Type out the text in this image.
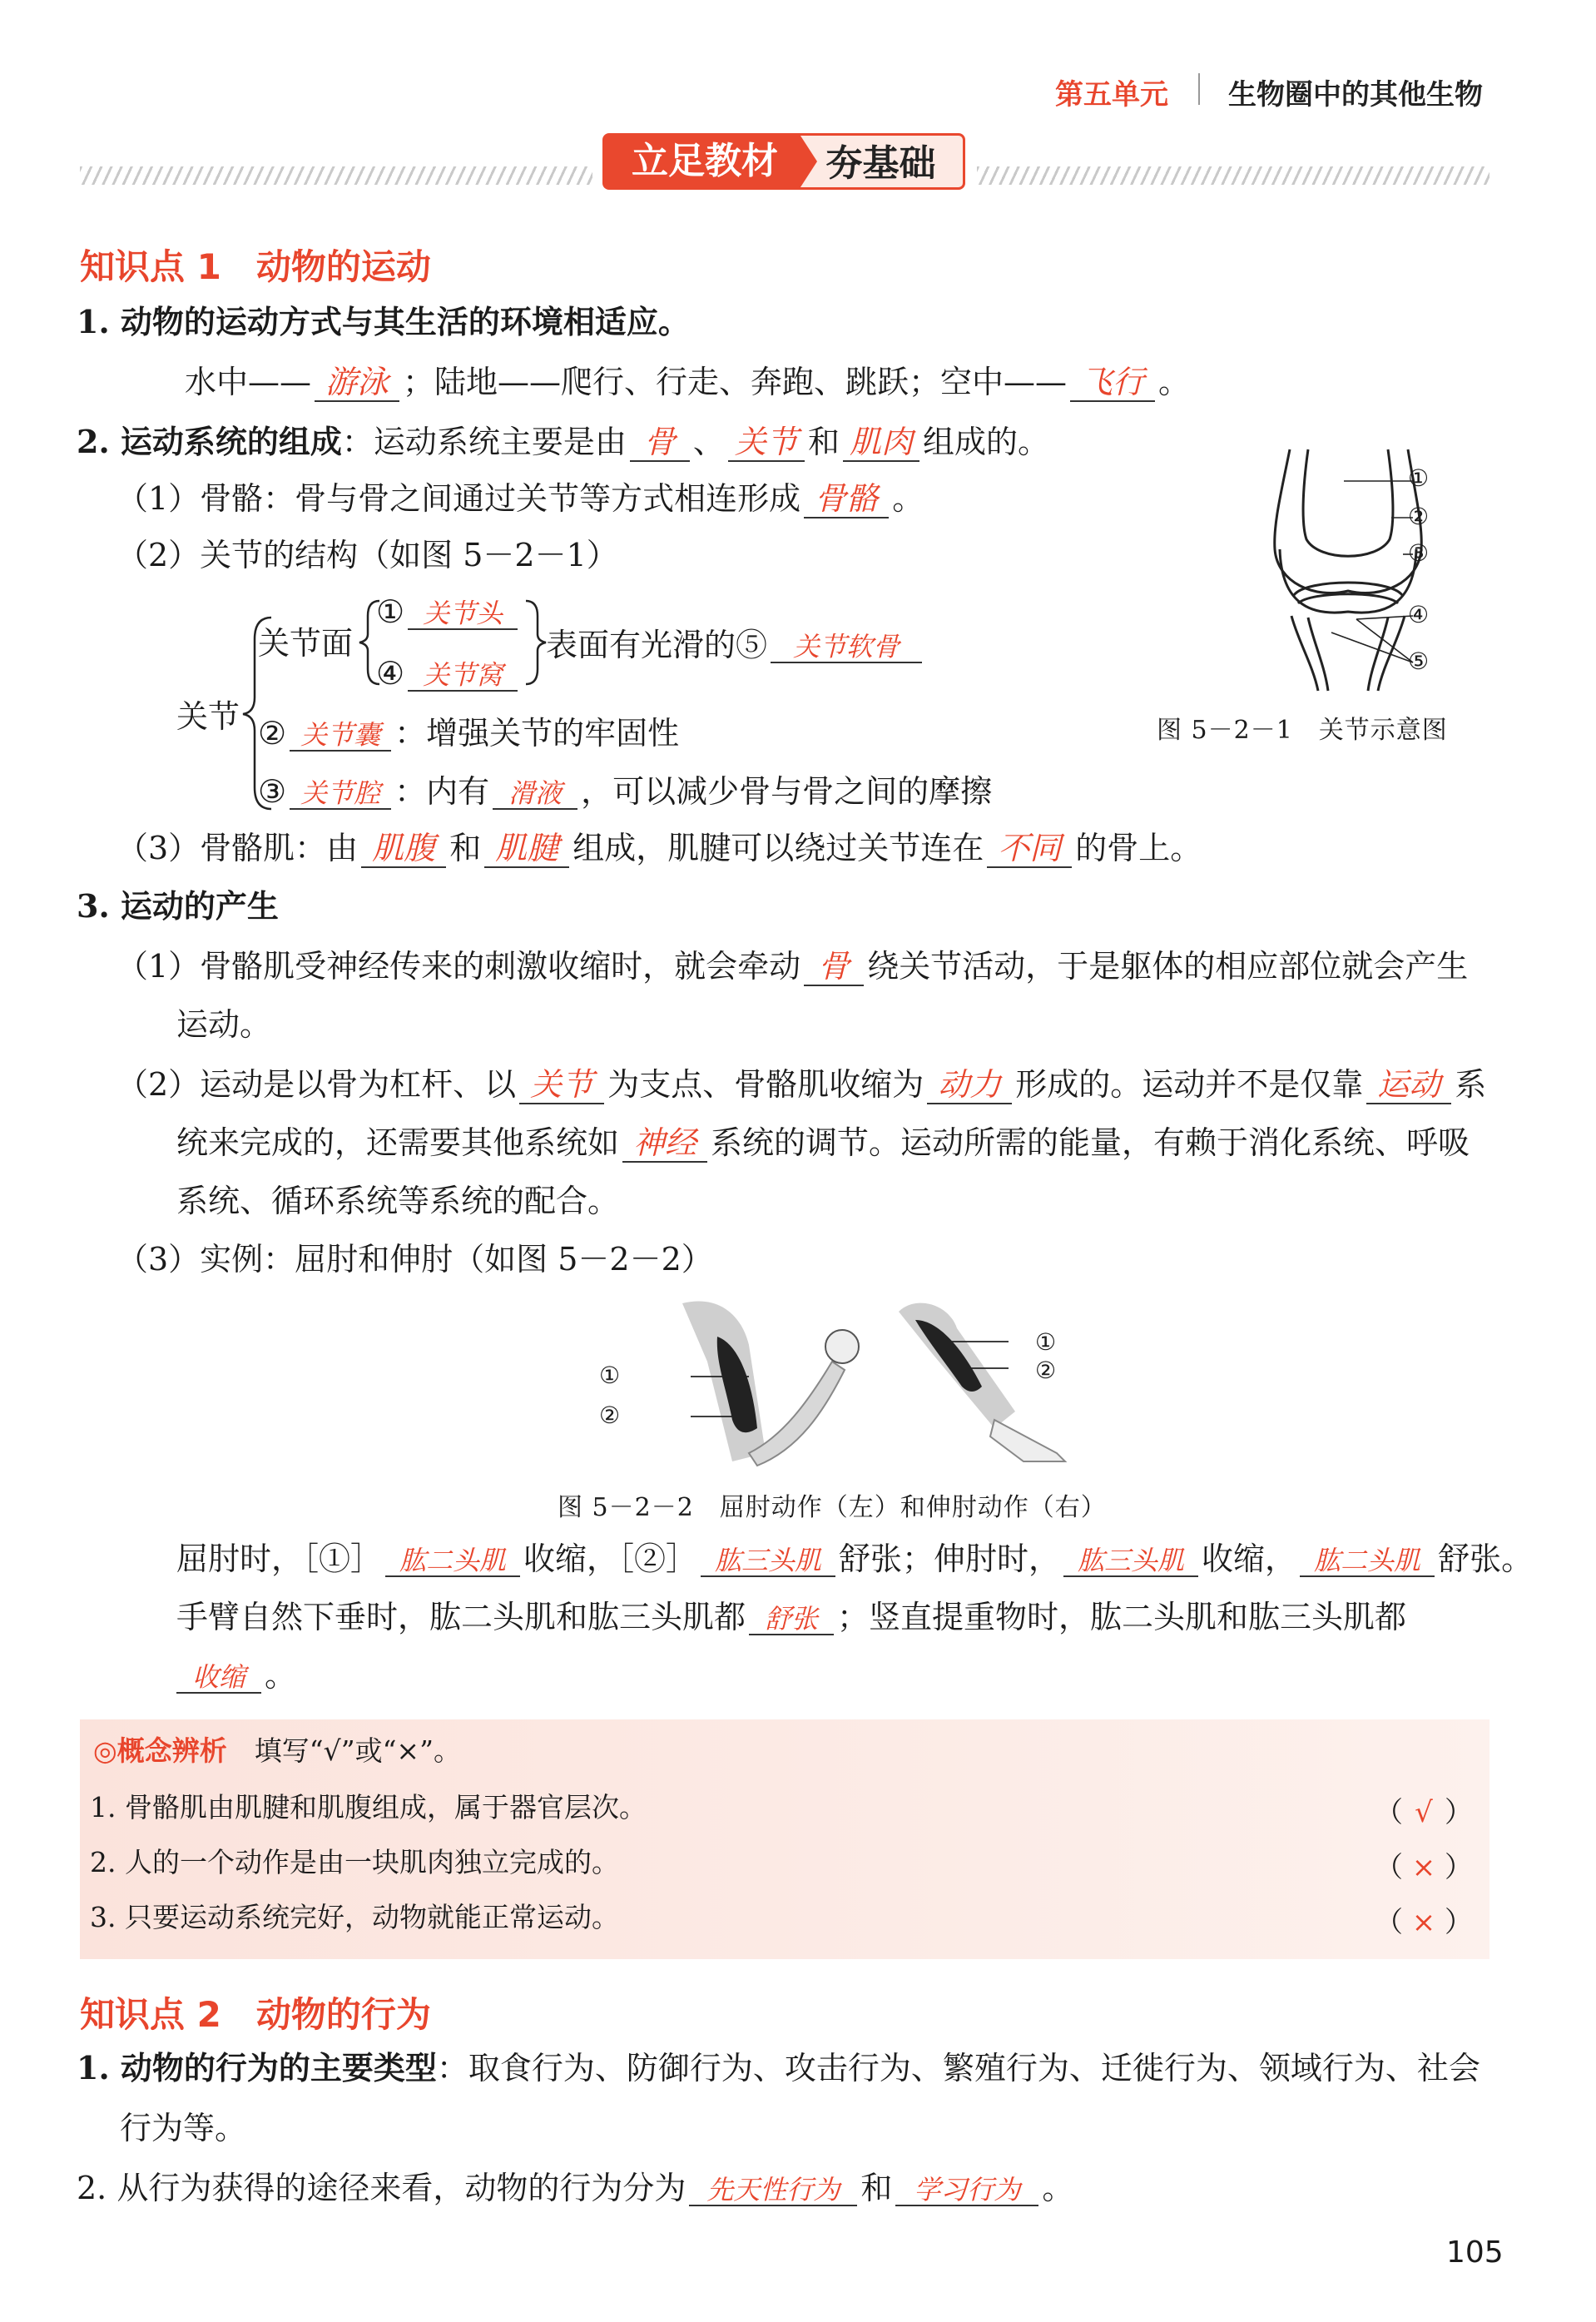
第五单元 生物圈中的其他生物
立足教材	夯基础
知识点 1　动物的运动
1. 动物的运动方式与其生活的环境相适应。
水中—— 游泳 ；陆地——爬行、行走、奔跑、跳跃；空中—— 飞行 。
2. 运动系统的组成：运动系统主要是由 骨 、 关节 和 肌肉 组成的。
（1）骨骼：骨与骨之间通过关节等方式相连形成 骨骼 。
（2）关节的结构（如图 5－2－1）
关节
关节面
① 关节头
④ 关节窝
表面有光滑的⑤ 关节软骨
② 关节囊 ：增强关节的牢固性
③ 关节腔 ：内有 滑液 ，可以减少骨与骨之间的摩擦
①
②
③
④
⑤
图 5－2－1　关节示意图
（3）骨骼肌：由 肌腹 和 肌腱 组成，肌腱可以绕过关节连在 不同 的骨上。
3. 运动的产生
（1）骨骼肌受神经传来的刺激收缩时，就会牵动 骨 绕关节活动，于是躯体的相应部位就会产生
运动。
（2）运动是以骨为杠杆、以 关节 为支点、骨骼肌收缩为 动力 形成的。运动并不是仅靠 运动 系
统来完成的，还需要其他系统如 神经 系统的调节。运动所需的能量，有赖于消化系统、呼吸
系统、循环系统等系统的配合。
（3）实例：屈肘和伸肘（如图 5－2－2）
①
②
①
②
图 5－2－2　屈肘动作（左）和伸肘动作（右）
屈肘时，［①］ 肱二头肌 收缩，［②］ 肱三头肌 舒张；伸肘时， 肱三头肌 收缩， 肱二头肌 舒张。
手臂自然下垂时，肱二头肌和肱三头肌都 舒张 ；竖直提重物时，肱二头肌和肱三头肌都
收缩 。
◎概念辨析　 填写“√”或“×”。
1. 骨骼肌由肌腱和肌腹组成，属于器官层次。
2. 人的一个动作是由一块肌肉独立完成的。
3. 只要运动系统完好，动物就能正常运动。
（ √ ）
（ × ）
（ × ）
知识点 2　动物的行为
1. 动物的行为的主要类型：取食行为、防御行为、攻击行为、繁殖行为、迁徙行为、领域行为、社会
行为等。
2. 从行为获得的途径来看，动物的行为分为 先天性行为 和 学习行为 。
105
